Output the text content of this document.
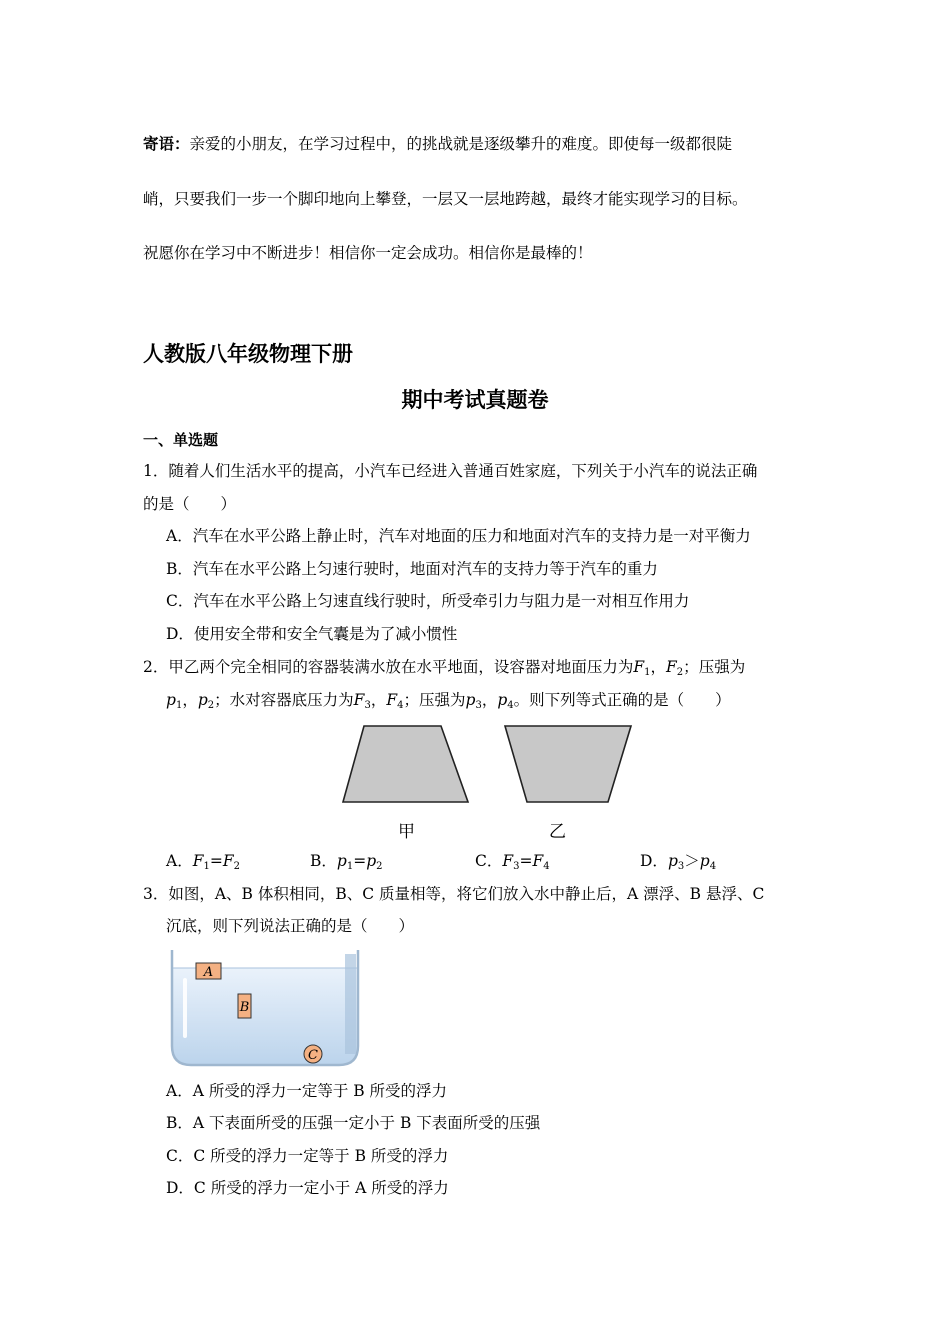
寄语：亲爱的小朋友，在学习过程中，的挑战就是逐级攀升的难度。即使每一级都很陡
峭，只要我们一步一个脚印地向上攀登，一层又一层地跨越，最终才能实现学习的目标。
祝愿你在学习中不断进步！相信你一定会成功。相信你是最棒的！
人教版八年级物理下册
期中考试真题卷
一、单选题
1．随着人们生活水平的提高，小汽车已经进入普通百姓家庭，下列关于小汽车的说法正确
的是（　　）
A．汽车在水平公路上静止时，汽车对地面的压力和地面对汽车的支持力是一对平衡力
B．汽车在水平公路上匀速行驶时，地面对汽车的支持力等于汽车的重力
C．汽车在水平公路上匀速直线行驶时，所受牵引力与阻力是一对相互作用力
D．使用安全带和安全气囊是为了减小惯性
2．甲乙两个完全相同的容器装满水放在水平地面，设容器对地面压力为$F_1$，$F_2$；压强为
$p_1$，$p_2$；水对容器底压力为$F_3$，$F_4$；压强为$p_3$，$p_4$。则下列等式正确的是（　　）
甲	乙
A．$F_1=F_2$	B．$p_1=p_2$	C．$F_3=F_4$	D．$p_3>p_4$
3．如图，A、B 体积相同，B、C 质量相等，将它们放入水中静止后，A 漂浮、B 悬浮、C
沉底，则下列说法正确的是（　　）
A
B
C
A．A 所受的浮力一定等于 B 所受的浮力
B．A 下表面所受的压强一定小于 B 下表面所受的压强
C．C 所受的浮力一定等于 B 所受的浮力
D．C 所受的浮力一定小于 A 所受的浮力
